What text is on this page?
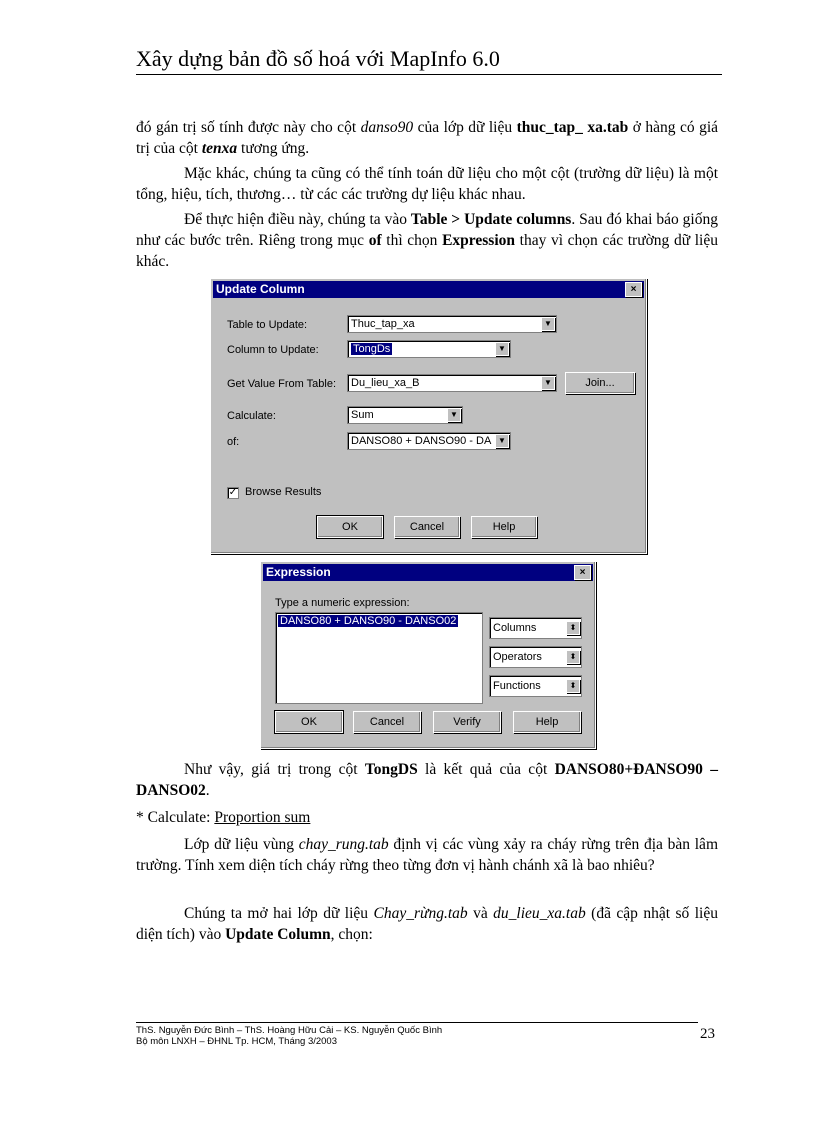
Xây dựng bản đồ số hoá với MapInfo 6.0
đó gán trị số tính được này cho cột danso90 của lớp dữ liệu thuc_tap_ xa.tab ở hàng có giá trị của cột tenxa tương ứng.
Mặc khác, chúng ta cũng có thể tính toán dữ liệu cho một cột (trường dữ liệu) là một tổng, hiệu, tích, thương… từ các các trường dự liệu khác nhau.
Để thực hiện điều này, chúng ta vào Table > Update columns. Sau đó khai báo giống như các bước trên. Riêng trong mục of thì chọn Expression thay vì chọn các trường dữ liệu khác.
Update Column	×
Table to Update:	Thuc_tap_xa	▼
Column to Update:	TongDs	▼
Get Value From Table:	Du_lieu_xa_B	▼	Join...
Calculate:	Sum	▼
of:	DANSO80 + DANSO90 - DA ▼
✓ Browse Results
OK	Cancel	Help
Expression	×
Type a numeric expression:
DANSO80 + DANSO90 - DANSO02
Columns	⬍
Operators	⬍
Functions	⬍
OK	Cancel	Verify	Help
Như vậy, giá trị trong cột TongDS là kết quả của cột DANSO80+ĐANSO90 – DANSO02.
* Calculate: Proportion sum
Lớp dữ liệu vùng chay_rung.tab định vị các vùng xảy ra cháy rừng trên địa bàn lâm trường. Tính xem diện tích cháy rừng theo từng đơn vị hành chánh xã là bao nhiêu?
Chúng ta mở hai lớp dữ liệu Chay_rừng.tab và du_lieu_xa.tab (đã cập nhật số liệu diện tích) vào Update Column, chọn:
ThS. Nguyễn Đức Bình – ThS. Hoàng Hữu Cải – KS. Nguyễn Quốc Bình
Bộ môn LNXH – ĐHNL Tp. HCM, Tháng 3/2003	23
